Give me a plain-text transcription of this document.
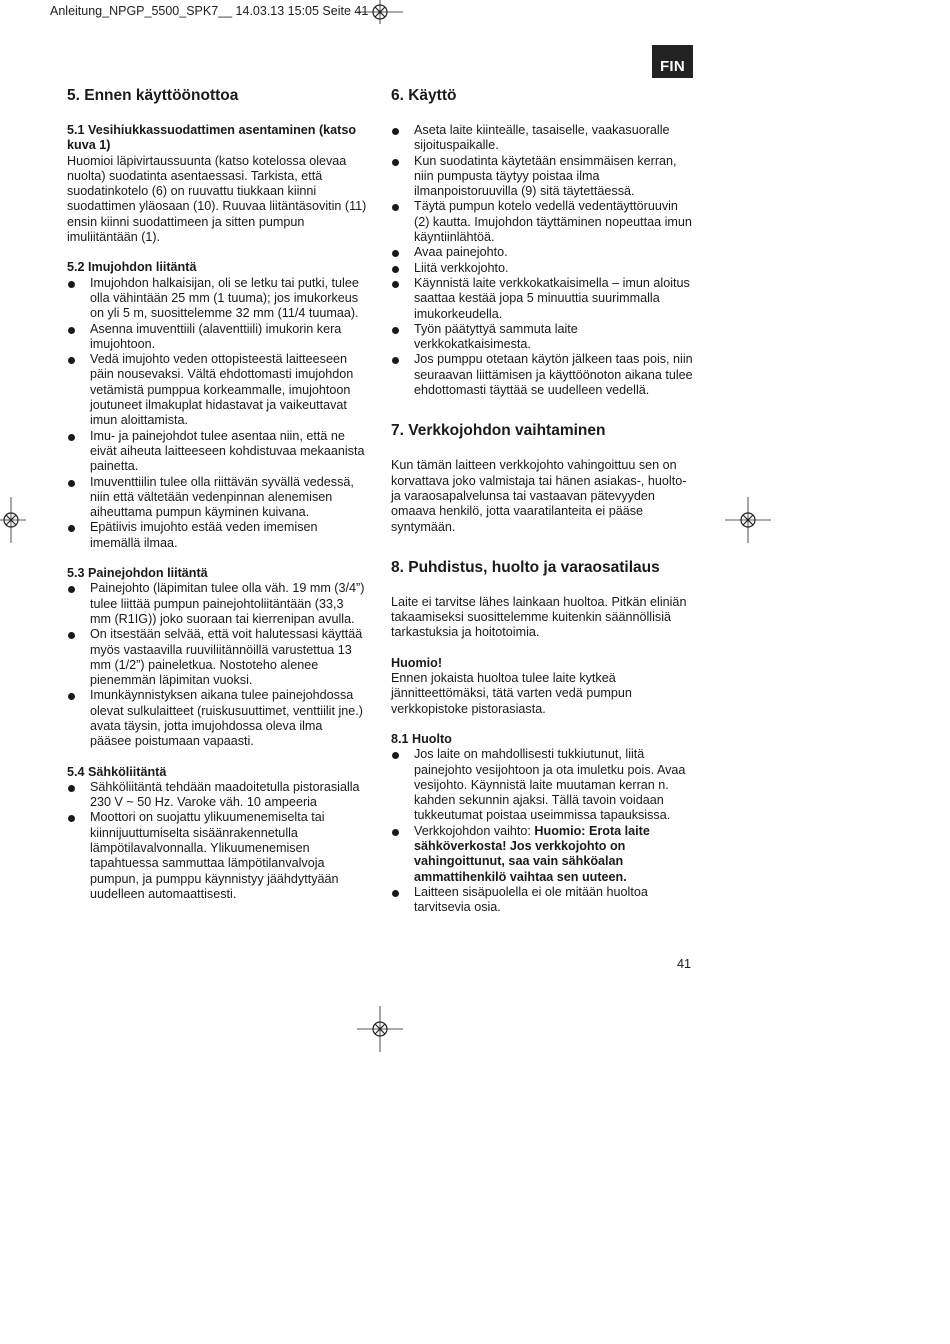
Anleitung_NPGP_5500_SPK7__ 14.03.13 15:05 Seite 41
FIN
5. Ennen käyttöönottoa

5.1 Vesihiukkassuodattimen asentaminen (katso kuva 1)

Huomioi läpivirtaussuunta (katso kotelossa olevaa nuolta) suodatinta asentaessasi. Tarkista, että suodatinkotelo (6) on ruuvattu tiukkaan kiinni suodattimen yläosaan (10). Ruuvaa liitäntäsovitin (11) ensin kiinni suodattimeen ja sitten pumpun imuliitäntään (1).

5.2 Imujohdon liitäntä

Imujohdon halkaisijan, oli se letku tai putki, tulee olla vähintään 25 mm (1 tuuma); jos imukorkeus on yli 5 m, suosittelemme 32 mm (11/4 tuumaa).
Asenna imuventtiili (alaventtiili) imukorin kera imujohtoon.
Vedä imujohto veden ottopisteestä laitteeseen päin nousevaksi. Vältä ehdottomasti imujohdon vetämistä pumppua korkeammalle, imujohtoon joutuneet ilmakuplat hidastavat ja vaikeuttavat imun aloittamista.
Imu- ja painejohdot tulee asentaa niin, että ne eivät aiheuta laitteeseen kohdistuvaa mekaanista painetta.
Imuventtiilin tulee olla riittävän syvällä vedessä, niin että vältetään vedenpinnan alenemisen aiheuttama pumpun käyminen kuivana.
Epätiivis imujohto estää veden imemisen imemällä ilmaa.

5.3 Painejohdon liitäntä

Painejohto (läpimitan tulee olla väh. 19 mm (3/4”) tulee liittää pumpun painejohtoliitäntään (33,3 mm (R1IG)) joko suoraan tai kierrenipan avulla.
On itsestään selvää, että voit halutessasi käyttää myös vastaavilla ruuviliitännöillä varustettua 13 mm (1/2”) paineletkua. Nostoteho alenee pienemmän läpimitan vuoksi.
Imunkäynnistyksen aikana tulee painejohdossa olevat sulkulaitteet (ruiskusuuttimet, venttiilit jne.) avata täysin, jotta imujohdossa oleva ilma pääsee poistumaan vapaasti.

5.4 Sähköliitäntä

Sähköliitäntä tehdään maadoitetulla pistorasialla 230 V ~ 50 Hz. Varoke väh. 10 ampeeria
Moottori on suojattu ylikuumenemiselta tai kiinnijuuttumiselta sisäänrakennetulla lämpötilavalvonnalla. Ylikuumenemisen tapahtuessa sammuttaa lämpötilanvalvoja pumpun, ja pumppu käynnistyy jäähdyttyään uudelleen automaattisesti.
6. Käyttö
Aseta laite kiinteälle, tasaiselle, vaakasuoralle sijoituspaikalle.
Kun suodatinta käytetään ensimmäisen kerran, niin pumpusta täytyy poistaa ilma ilmanpoistoruuvilla (9) sitä täytettäessä.
Täytä pumpun kotelo vedellä vedentäyttöruuvin (2) kautta. Imujohdon täyttäminen nopeuttaa imun käyntiinlähtöä.
Avaa painejohto.
Liitä verkkojohto.
Käynnistä laite verkkokatkaisimella – imun aloitus saattaa kestää jopa 5 minuuttia suurimmalla imukorkeudella.
Työn päätyttyä sammuta laite verkkokatkaisimesta.
Jos pumppu otetaan käytön jälkeen taas pois, niin seuraavan liittämisen ja käyttöönoton aikana tulee ehdottomasti täyttää se uudelleen vedellä.
7. Verkkojohdon vaihtaminen

Kun tämän laitteen verkkojohto vahingoittuu sen on korvattava joko valmistaja tai hänen asiakas-, huolto- ja varaosapalvelunsa tai vastaavan pätevyyden omaava henkilö, jotta vaaratilanteita ei pääse syntymään.

8. Puhdistus, huolto ja varaosatilaus

Laite ei tarvitse lähes lainkaan huoltoa. Pitkän eliniän takaamiseksi suosittelemme kuitenkin säännöllisiä tarkastuksia ja hoitotoimia.

Huomio!

Ennen jokaista huoltoa tulee laite kytkeä jännitteettömäksi, tätä varten vedä pumpun verkkopistoke pistorasiasta.

8.1 Huolto

Jos laite on mahdollisesti tukkiutunut, liitä painejohto vesijohtoon ja ota imuletku pois. Avaa vesijohto. Käynnistä laite muutaman kerran n. kahden sekunnin ajaksi. Tällä tavoin voidaan tukkeutumat poistaa useimmissa tapauksissa.
Verkkojohdon vaihto: Huomio: Erota laite sähköverkosta! Jos verkkojohto on vahingoittunut, saa vain sähköalan ammattihenkilö vaihtaa sen uuteen.
Laitteen sisäpuolella ei ole mitään huoltoa tarvitsevia osia.
41
